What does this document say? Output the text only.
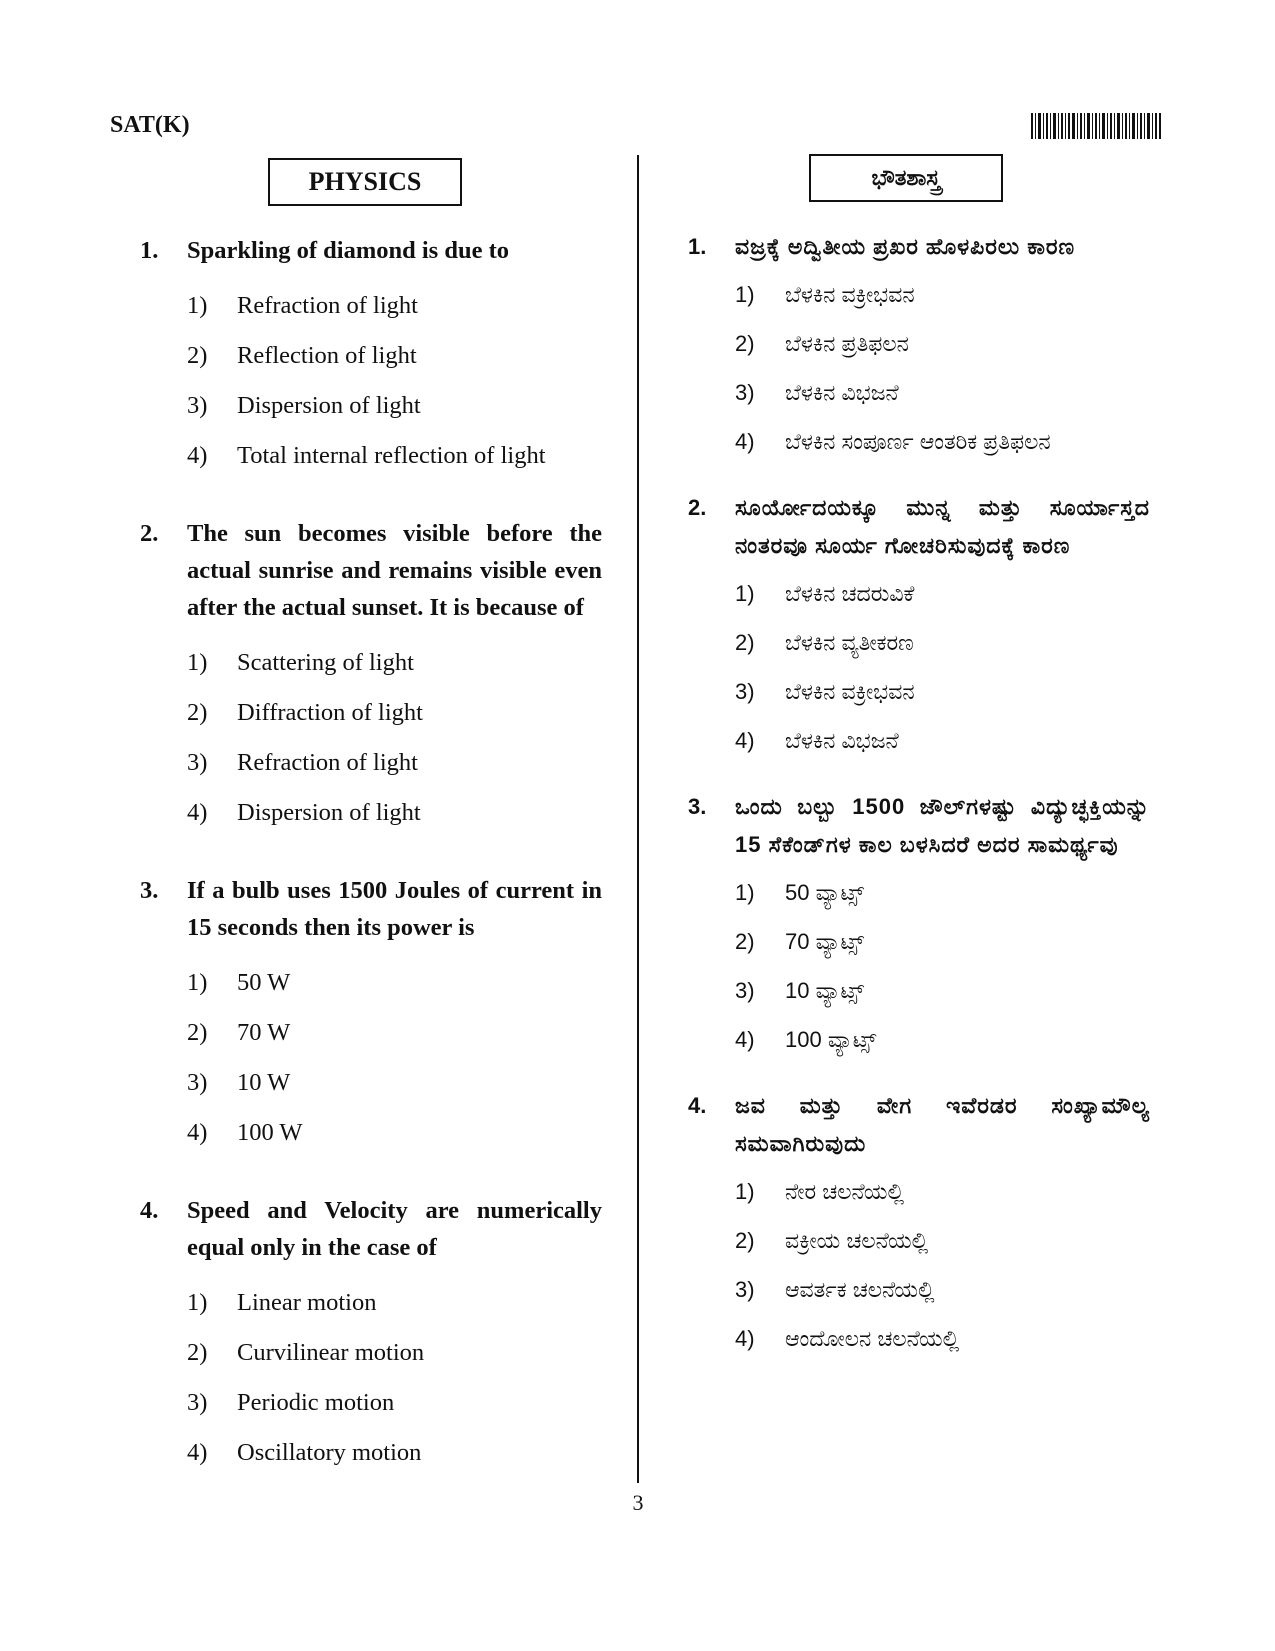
SAT(K)
PHYSICS	ಭೌತಶಾಸ್ತ್ರ
1.	Sparkling of diamond is due to
1)	Refraction of light
2)	Reflection of light
3)	Dispersion of light
4)	Total internal reflection of light
2.	The sun becomes visible before the actual sunrise and remains visible even after the actual sunset. It is because of
1)	Scattering of light
2)	Diffraction of light
3)	Refraction of light
4)	Dispersion of light
3.	If a bulb uses 1500 Joules of current in 15 seconds then its power is
1)	50 W
2)	70 W
3)	10 W
4)	100 W
4.	Speed and Velocity are numerically equal only in the case of
1)	Linear motion
2)	Curvilinear motion
3)	Periodic motion
4)	Oscillatory motion
1.	ವಜ್ರಕ್ಕೆ ಅದ್ವಿತೀಯ ಪ್ರಖರ ಹೊಳಪಿರಲು ಕಾರಣ
1)	ಬೆಳಕಿನ ವಕ್ರೀಭವನ
2)	ಬೆಳಕಿನ ಪ್ರತಿಫಲನ
3)	ಬೆಳಕಿನ ವಿಭಜನೆ
4)	ಬೆಳಕಿನ ಸಂಪೂರ್ಣ ಆಂತರಿಕ ಪ್ರತಿಫಲನ
2.	ಸೂರ್ಯೋದಯಕ್ಕೂ ಮುನ್ನ ಮತ್ತು ಸೂರ್ಯಾಸ್ತದ ನಂತರವೂ ಸೂರ್ಯ ಗೋಚರಿಸುವುದಕ್ಕೆ ಕಾರಣ
1)	ಬೆಳಕಿನ ಚದರುವಿಕೆ
2)	ಬೆಳಕಿನ ವ್ಯತೀಕರಣ
3)	ಬೆಳಕಿನ ವಕ್ರೀಭವನ
4)	ಬೆಳಕಿನ ವಿಭಜನೆ
3.	ಒಂದು ಬಲ್ಬು 1500 ಜೌಲ್‌ಗಳಷ್ಟು ವಿದ್ಯುಚ್ಛಕ್ತಿಯನ್ನು 15 ಸೆಕೆಂಡ್‌ಗಳ ಕಾಲ ಬಳಸಿದರೆ ಅದರ ಸಾಮರ್ಥ್ಯವು
1)	50 ವ್ಯಾಟ್ಸ್
2)	70 ವ್ಯಾಟ್ಸ್
3)	10 ವ್ಯಾಟ್ಸ್
4)	100 ವ್ಯಾಟ್ಸ್
4.	ಜವ ಮತ್ತು ವೇಗ ಇವೆರಡರ ಸಂಖ್ಯಾಮೌಲ್ಯ ಸಮವಾಗಿರುವುದು
1)	ನೇರ ಚಲನೆಯಲ್ಲಿ
2)	ವಕ್ರೀಯ ಚಲನೆಯಲ್ಲಿ
3)	ಆವರ್ತಕ ಚಲನೆಯಲ್ಲಿ
4)	ಆಂದೋಲನ ಚಲನೆಯಲ್ಲಿ
3
